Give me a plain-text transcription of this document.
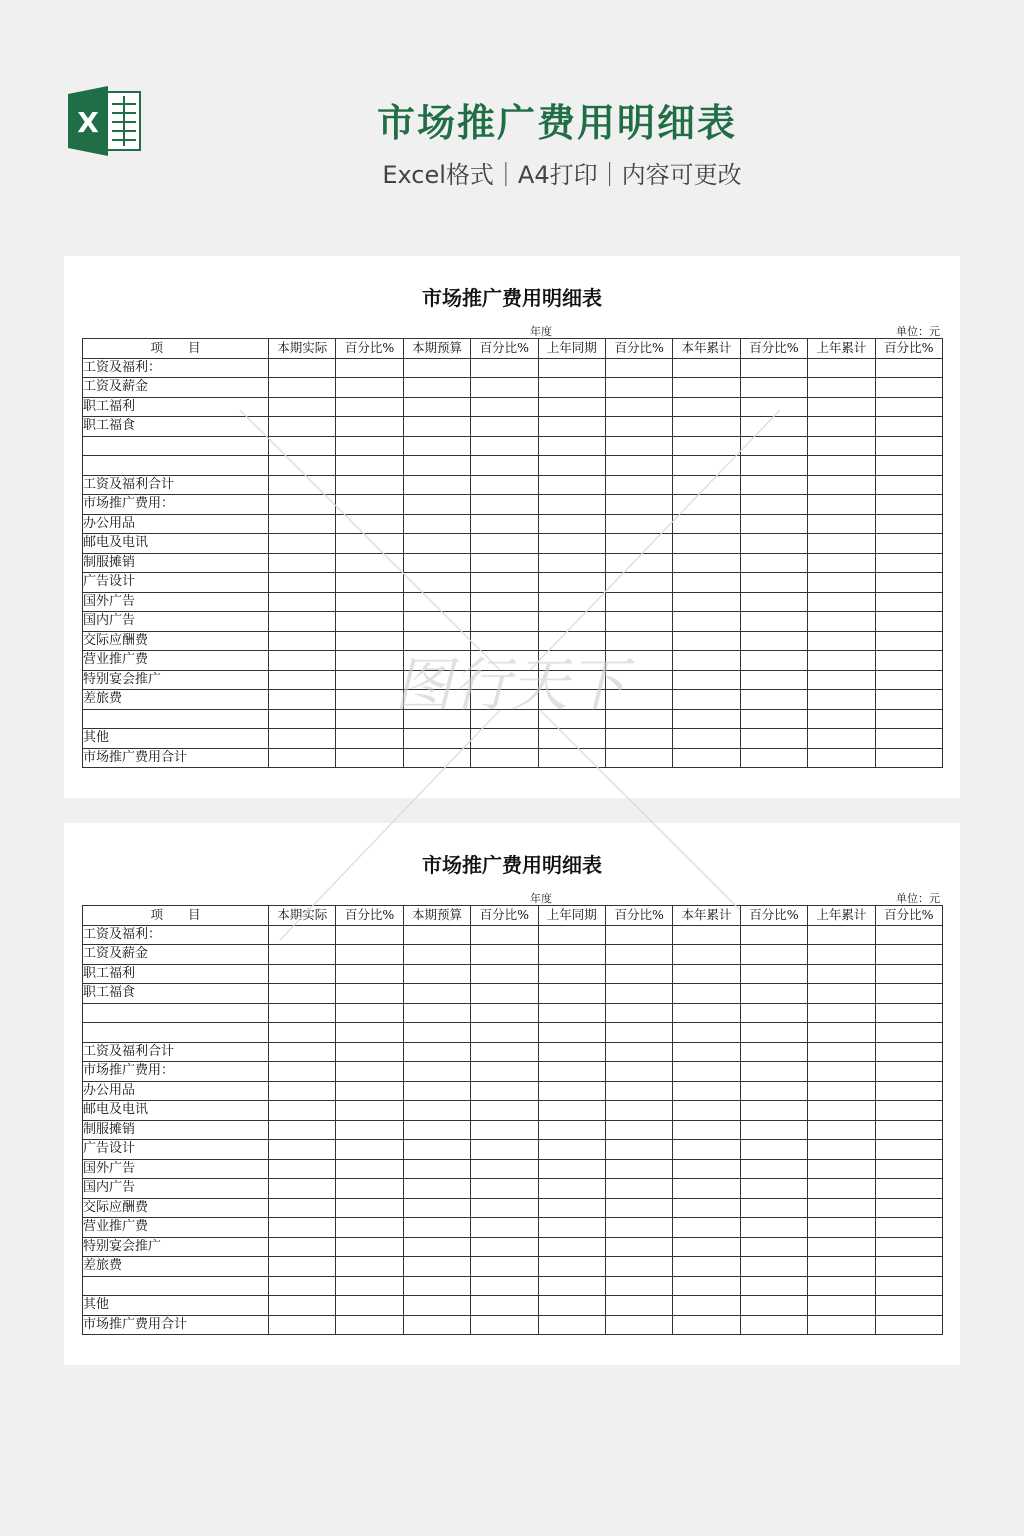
X	市场推广费用明细表
Excel格式｜A4打印｜内容可更改
市场推广费用明细表
年度	单位：元
项　　目	本期实际	百分比%	本期预算	百分比%	上年同期	百分比%	本年累计	百分比%	上年累计	百分比%
工资及福利：										
工资及薪金										
职工福利										
职工福食										

工资及福利合计										
市场推广费用：										
办公用品										
邮电及电讯										
制服摊销										
广告设计										
国外广告										
国内广告										
交际应酬费										
营业推广费										
特别宴会推广										
差旅费										

其他										
市场推广费用合计										
市场推广费用明细表
年度	单位：元
项　　目	本期实际	百分比%	本期预算	百分比%	上年同期	百分比%	本年累计	百分比%	上年累计	百分比%
工资及福利：										
工资及薪金										
职工福利										
职工福食										

工资及福利合计										
市场推广费用：										
办公用品										
邮电及电讯										
制服摊销										
广告设计										
国外广告										
国内广告										
交际应酬费										
营业推广费										
特别宴会推广										
差旅费										

其他										
市场推广费用合计										
图行天下
